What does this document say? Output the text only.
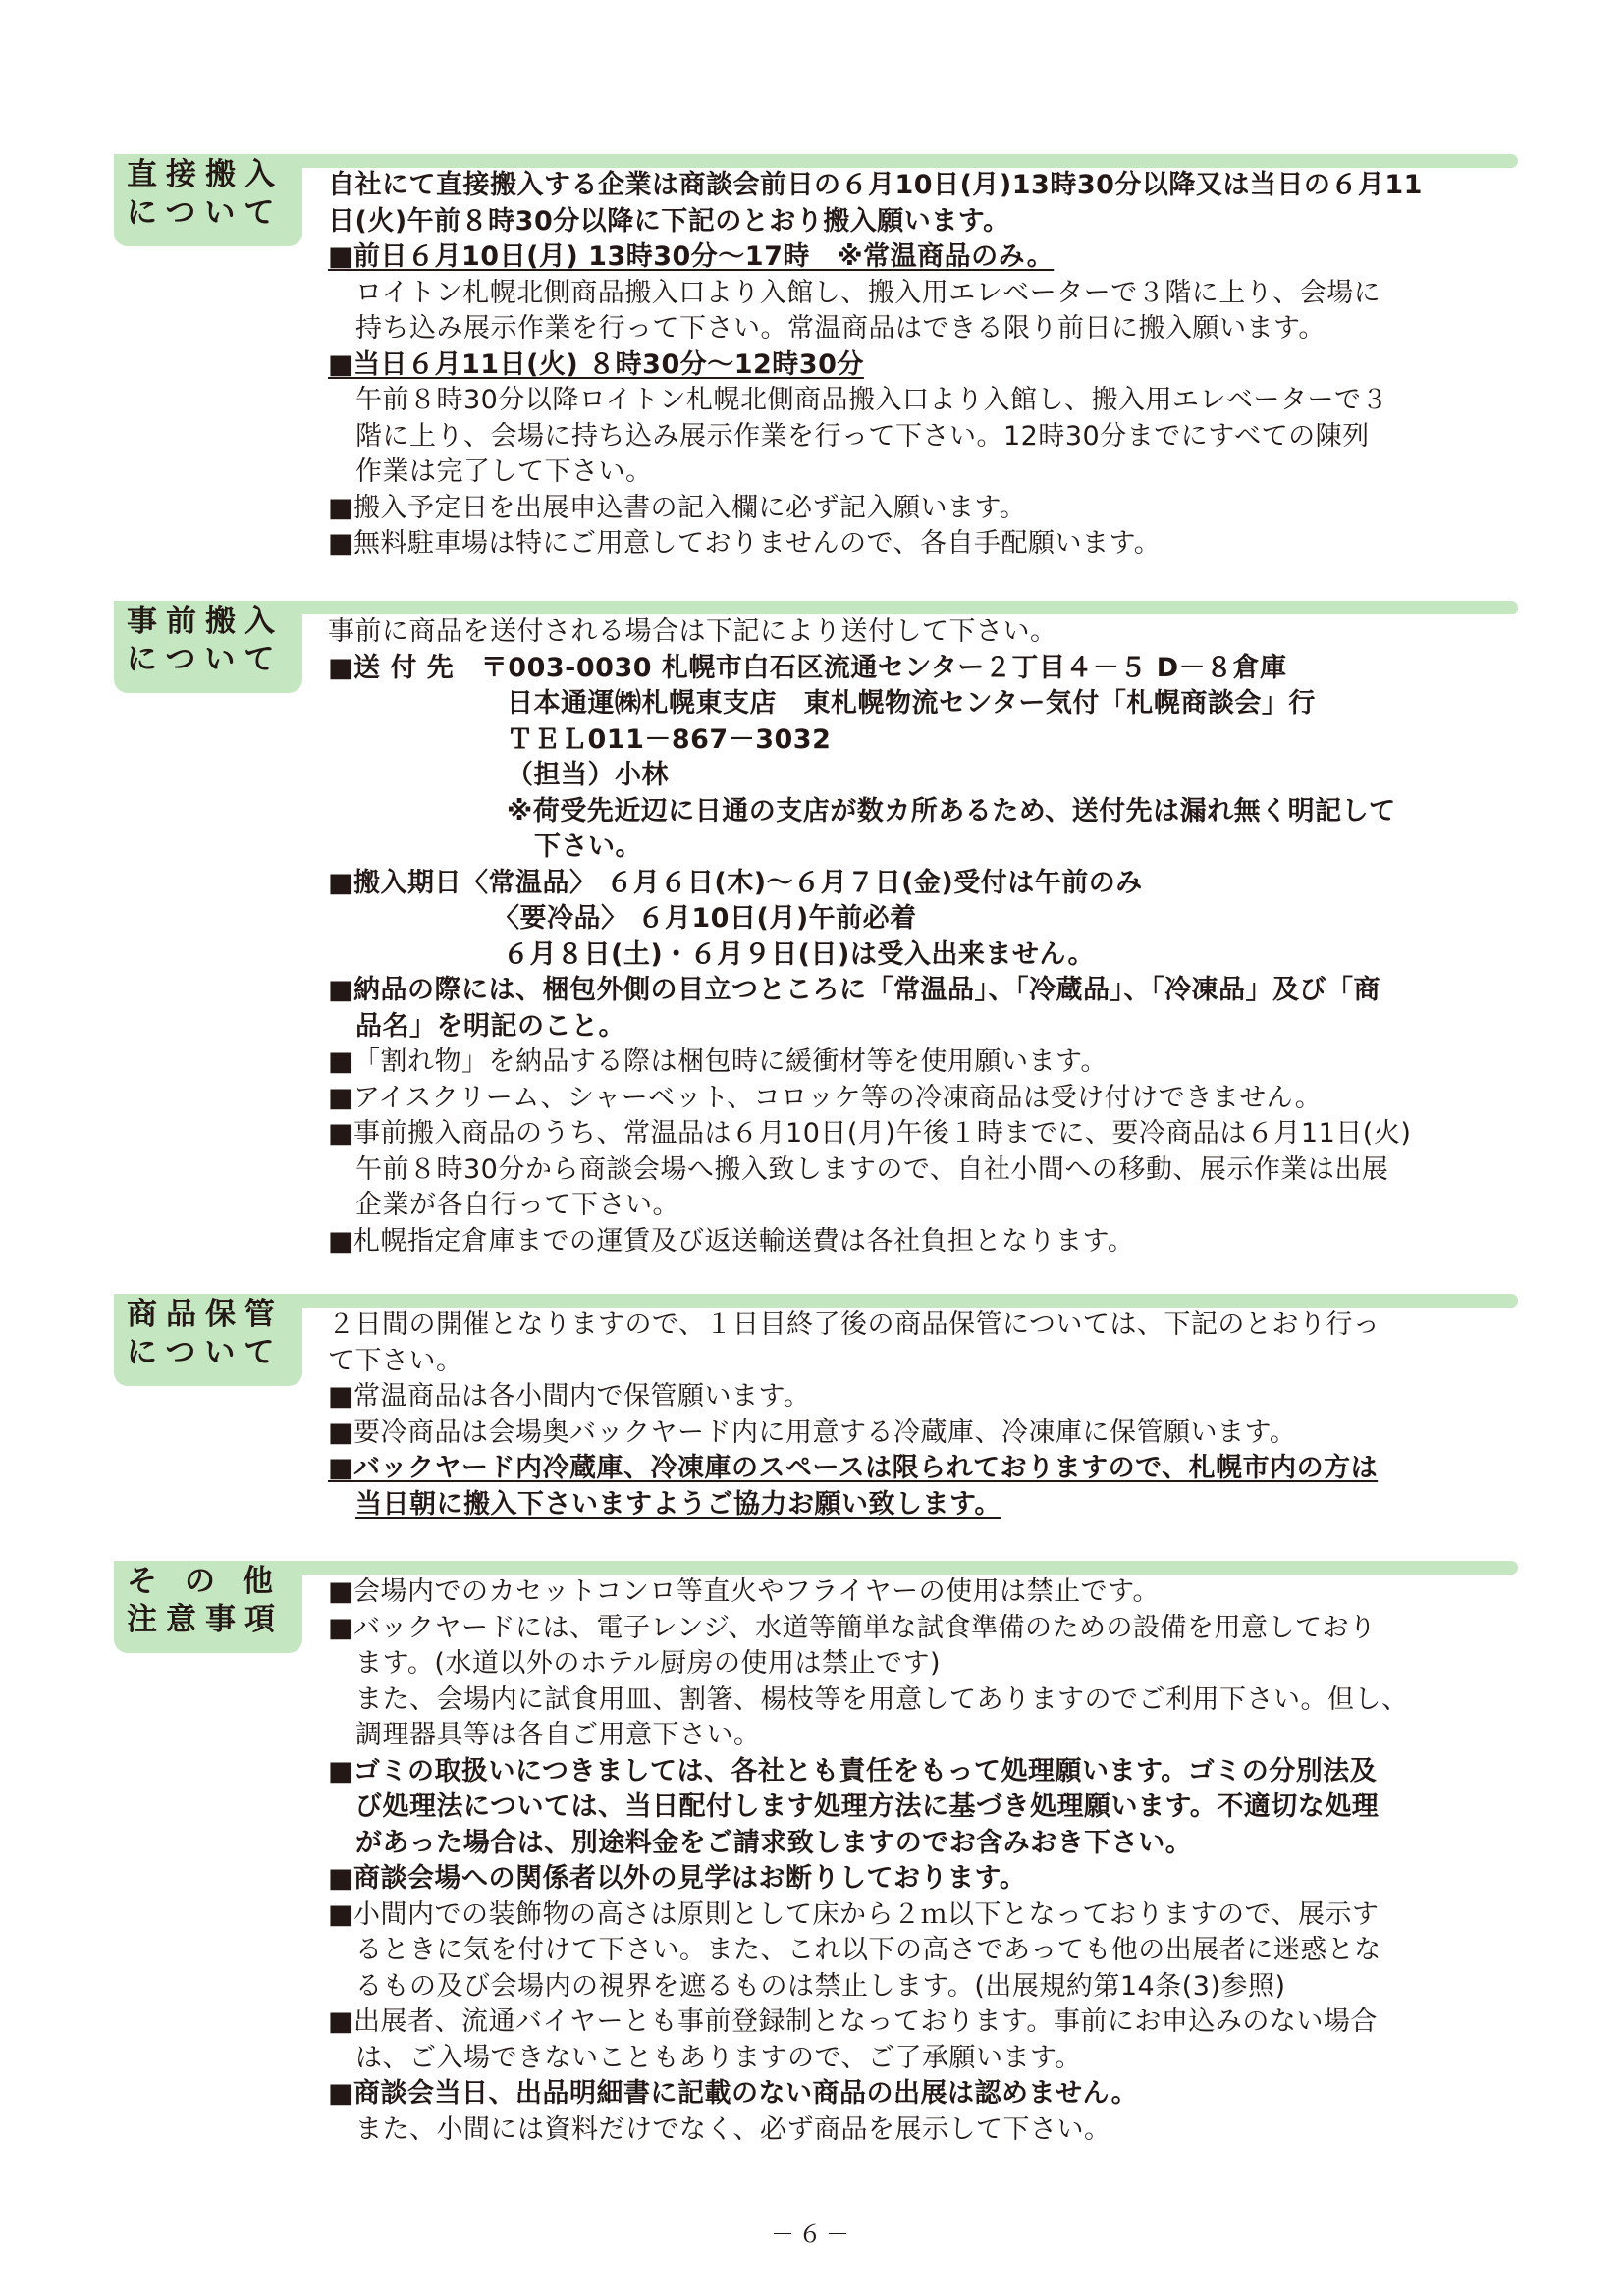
直接搬入
について
自社にて直接搬入する企業は商談会前日の６月10日(月)13時30分以降又は当日の６月11
日(火)午前８時30分以降に下記のとおり搬入願います。
■前日６月10日(月) 13時30分～17時　※常温商品のみ。
ロイトン札幌北側商品搬入口より入館し、搬入用エレベーターで３階に上り、会場に
持ち込み展示作業を行って下さい。常温商品はできる限り前日に搬入願います。
■当日６月11日(火) ８時30分～12時30分
午前８時30分以降ロイトン札幌北側商品搬入口より入館し、搬入用エレベーターで３
階に上り、会場に持ち込み展示作業を行って下さい。12時30分までにすべての陳列
作業は完了して下さい。
■搬入予定日を出展申込書の記入欄に必ず記入願います。
■無料駐車場は特にご用意しておりませんので、各自手配願います。
事前搬入
について
事前に商品を送付される場合は下記により送付して下さい。
■送 付 先　〒003-0030 札幌市白石区流通センター２丁目４－５ D－８倉庫
日本通運㈱札幌東支店　東札幌物流センター気付「札幌商談会」行
ＴＥＬ011－867－3032
（担当）小林
※荷受先近辺に日通の支店が数カ所あるため、送付先は漏れ無く明記して
下さい。
■搬入期日〈常温品〉 ６月６日(木)～６月７日(金)受付は午前のみ
〈要冷品〉 ６月10日(月)午前必着
６月８日(土)・６月９日(日)は受入出来ません。
■納品の際には、梱包外側の目立つところに「常温品」、「冷蔵品」、「冷凍品」及び「商
品名」を明記のこと。
■「割れ物」を納品する際は梱包時に緩衝材等を使用願います。
■アイスクリーム、シャーベット、コロッケ等の冷凍商品は受け付けできません。
■事前搬入商品のうち、常温品は６月10日(月)午後１時までに、要冷商品は６月11日(火)
午前８時30分から商談会場へ搬入致しますので、自社小間への移動、展示作業は出展
企業が各自行って下さい。
■札幌指定倉庫までの運賃及び返送輸送費は各社負担となります。
商品保管
について
２日間の開催となりますので、１日目終了後の商品保管については、下記のとおり行っ
て下さい。
■常温商品は各小間内で保管願います。
■要冷商品は会場奥バックヤード内に用意する冷蔵庫、冷凍庫に保管願います。
■バックヤード内冷蔵庫、冷凍庫のスペースは限られておりますので、札幌市内の方は
当日朝に搬入下さいますようご協力お願い致します。
その他
注意事項
■会場内でのカセットコンロ等直火やフライヤーの使用は禁止です。
■バックヤードには、電子レンジ、水道等簡単な試食準備のための設備を用意しており
ます。(水道以外のホテル厨房の使用は禁止です)
また、会場内に試食用皿、割箸、楊枝等を用意してありますのでご利用下さい。但し、
調理器具等は各自ご用意下さい。
■ゴミの取扱いにつきましては、各社とも責任をもって処理願います。ゴミの分別法及
び処理法については、当日配付します処理方法に基づき処理願います。不適切な処理
があった場合は、別途料金をご請求致しますのでお含みおき下さい。
■商談会場への関係者以外の見学はお断りしております。
■小間内での装飾物の高さは原則として床から２ｍ以下となっておりますので、展示す
るときに気を付けて下さい。また、これ以下の高さであっても他の出展者に迷惑とな
るもの及び会場内の視界を遮るものは禁止します。(出展規約第14条(3)参照)
■出展者、流通バイヤーとも事前登録制となっております。事前にお申込みのない場合
は、ご入場できないこともありますので、ご了承願います。
■商談会当日、出品明細書に記載のない商品の出展は認めません。
また、小間には資料だけでなく、必ず商品を展示して下さい。
－６－
